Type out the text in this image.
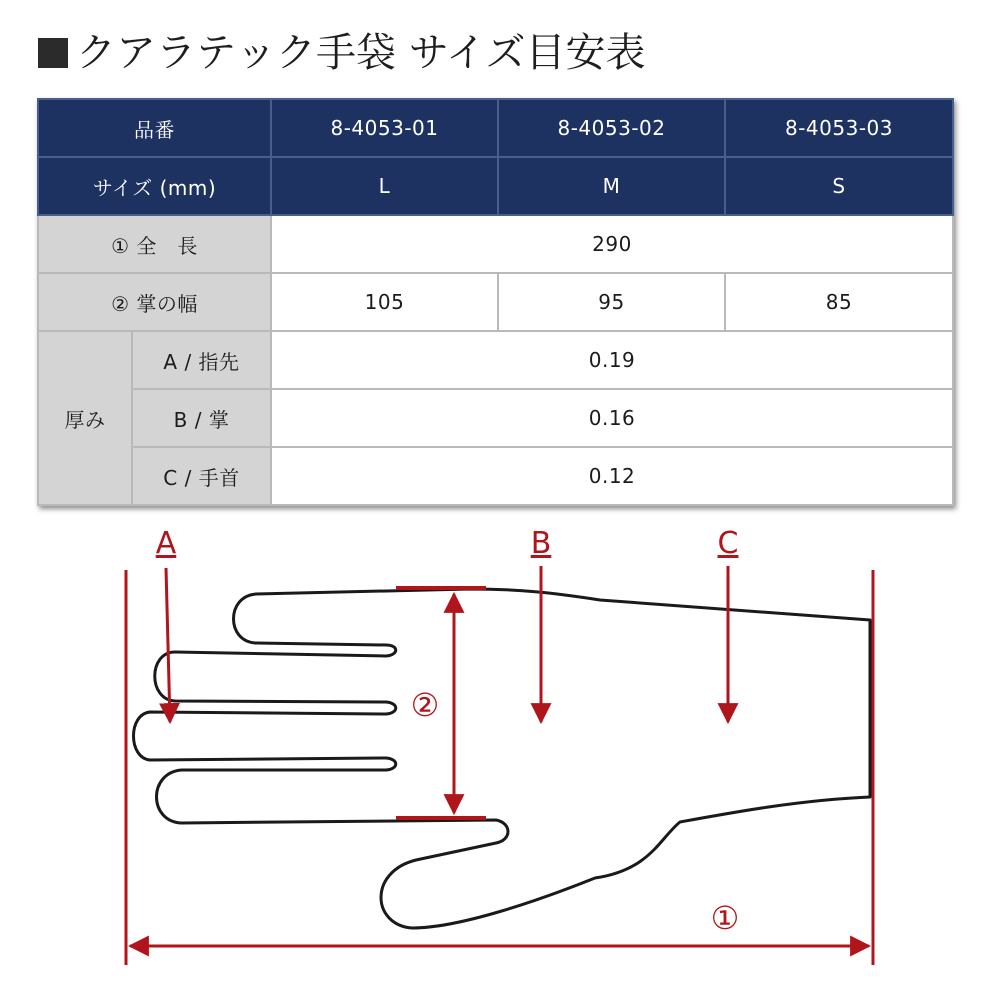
クアラテック手袋 サイズ目安表
品番		8-4053-01	8-4053-02	8-4053-03
サイズ (mm)		L	M	S
① 全　長		290		
② 掌の幅		105	95	85
厚み	A / 指先	0.19		
	B / 掌	0.16		
	C / 手首	0.12		
A	B	C
②
①
